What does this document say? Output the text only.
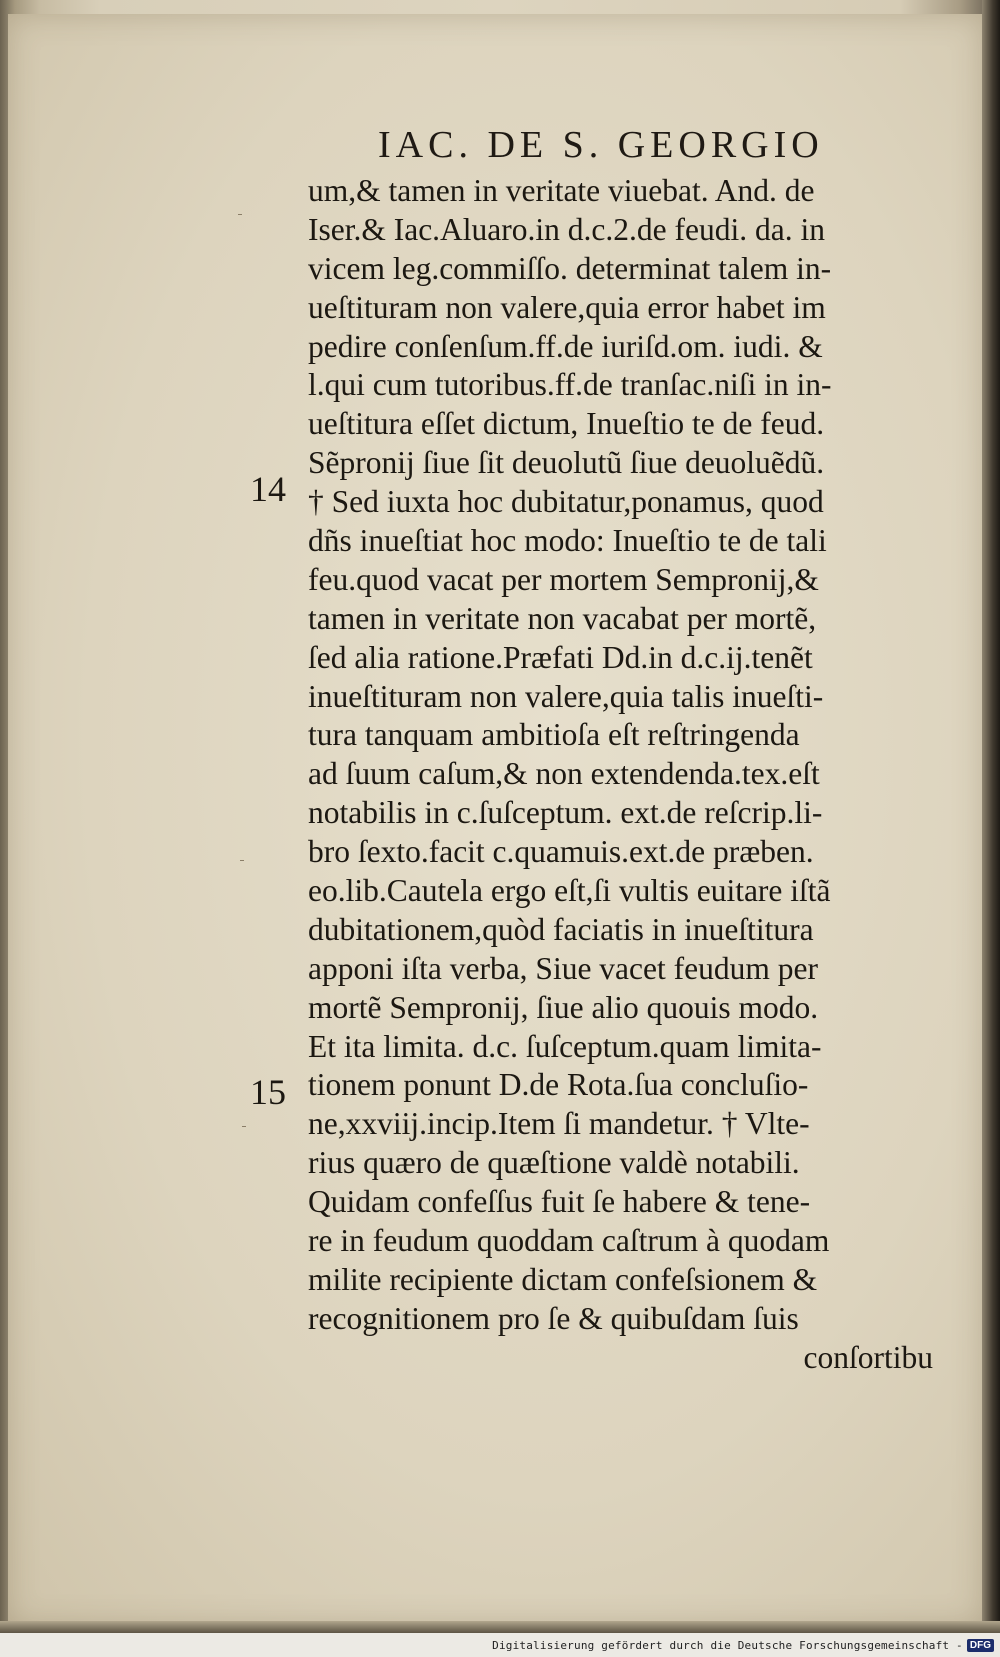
IAC. DE S. GEORGIO
14
15
um,& tamen in veritate viuebat. And. de
Iser.& Iac.Aluaro.in d.c.2.de feudi. da. in
vicem leg.commiſſo. determinat talem in-
ueſtituram non valere,quia error habet im
pedire conſenſum.ff.de iuriſd.om. iudi. &
l.qui cum tutoribus.ff.de tranſac.niſi in in-
ueſtitura eſſet dictum, Inueſtio te de feud.
Sẽpronij ſiue ſit deuolutũ ſiue deuoluẽdũ.
† Sed iuxta hoc dubitatur,ponamus, quod
dñs inueſtiat hoc modo: Inueſtio te de tali
feu.quod vacat per mortem Sempronij,&
tamen in veritate non vacabat per mortẽ,
ſed alia ratione.Præfati Dd.in d.c.ij.tenẽt
inueſtituram non valere,quia talis inueſti-
tura tanquam ambitioſa eſt reſtringenda
ad ſuum caſum,& non extendenda.tex.eſt
notabilis in c.ſuſceptum. ext.de reſcrip.li-
bro ſexto.facit c.quamuis.ext.de præben.
eo.lib.Cautela ergo eſt,ſi vultis euitare iſtã
dubitationem,quòd faciatis in inueſtitura
apponi iſta verba, Siue vacet feudum per
mortẽ Sempronij, ſiue alio quouis modo.
Et ita limita. d.c. ſuſceptum.quam limita-
tionem ponunt D.de Rota.ſua concluſio-
ne,xxviij.incip.Item ſi mandetur. † Vlte-
rius quæro de quæſtione valdè notabili.
Quidam confeſſus fuit ſe habere & tene-
re in feudum quoddam caſtrum à quodam
milite recipiente dictam confeſsionem &
recognitionem pro ſe & quibuſdam ſuis
conſortibu
Digitalisierung gefördert durch die Deutsche Forschungsgemeinschaft - DFG
